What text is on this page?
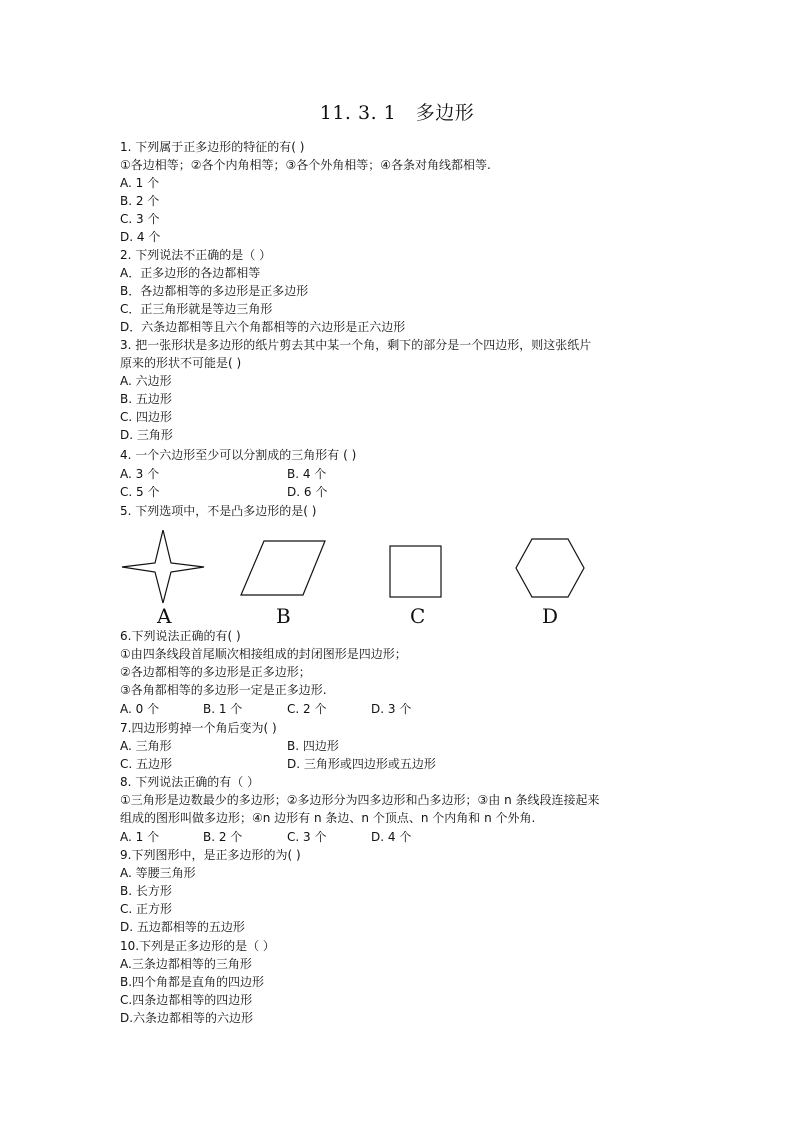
11. 3. 1　多边形
1. 下列属于正多边形的特征的有( )
①各边相等；②各个内角相等；③各个外角相等；④各条对角线都相等.
A. 1 个
B. 2 个
C. 3 个
D. 4 个
2. 下列说法不正确的是（ ）
A．正多边形的各边都相等
B．各边都相等的多边形是正多边形
C．正三角形就是等边三角形
D．六条边都相等且六个角都相等的六边形是正六边形
3. 把一张形状是多边形的纸片剪去其中某一个角，剩下的部分是一个四边形，则这张纸片
原来的形状不可能是( )
A. 六边形
B. 五边形
C. 四边形
D. 三角形
4. 一个六边形至少可以分割成的三角形有 ( )
A. 3 个	B. 4 个
C. 5 个	D. 6 个
5. 下列选项中，不是凸多边形的是( )
A	B	C	D
6.下列说法正确的有( )
①由四条线段首尾顺次相接组成的封闭图形是四边形；
②各边都相等的多边形是正多边形；
③各角都相等的多边形一定是正多边形.
A. 0 个	B. 1 个	C. 2 个	D. 3 个
7.四边形剪掉一个角后变为( )
A. 三角形	B. 四边形
C. 五边形	D. 三角形或四边形或五边形
8. 下列说法正确的有（ ）
①三角形是边数最少的多边形；②多边形分为四多边形和凸多边形；③由 n 条线段连接起来
组成的图形叫做多边形；④n 边形有 n 条边、n 个顶点、n 个内角和 n 个外角.
A. 1 个	B. 2 个	C. 3 个	D. 4 个
9.下列图形中，是正多边形的为( )
A. 等腰三角形
B. 长方形
C. 正方形
D. 五边都相等的五边形
10.下列是正多边形的是（ ）
A.三条边都相等的三角形
B.四个角都是直角的四边形
C.四条边都相等的四边形
D.六条边都相等的六边形
